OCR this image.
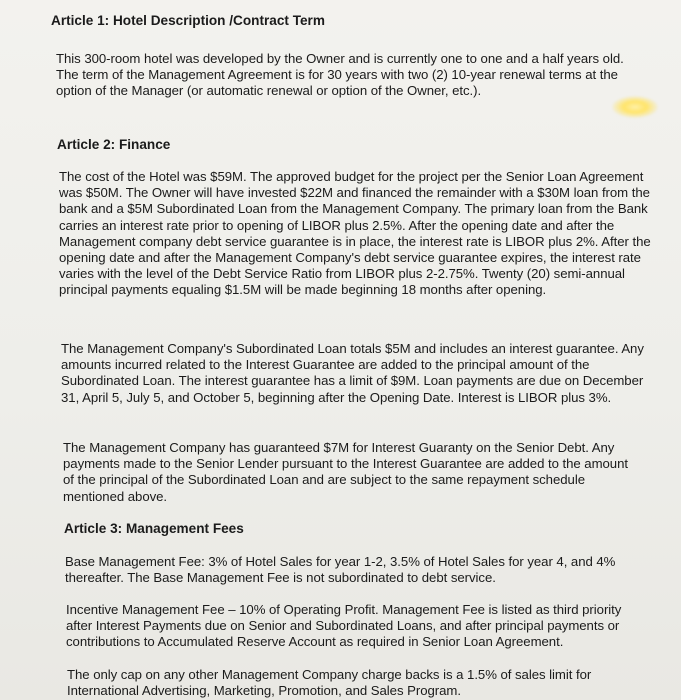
Article 1: Hotel Description /Contract Term

This 300-room hotel was developed by the Owner and is currently one to one and a half years old. The term of the Management Agreement is for 30 years with two (2) 10-year renewal terms at the option of the Manager (or automatic renewal or option of the Owner, etc.).

Article 2: Finance

The cost of the Hotel was $59M. The approved budget for the project per the Senior Loan Agreement was $50M. The Owner will have invested $22M and financed the remainder with a $30M loan from the bank and a $5M Subordinated Loan from the Management Company. The primary loan from the Bank carries an interest rate prior to opening of LIBOR plus 2.5%. After the opening date and after the Management company debt service guarantee is in place, the interest rate is LIBOR plus 2%. After the opening date and after the Management Company's debt service guarantee expires, the interest rate varies with the level of the Debt Service Ratio from LIBOR plus 2-2.75%. Twenty (20) semi-annual principal payments equaling $1.5M will be made beginning 18 months after opening.

The Management Company's Subordinated Loan totals $5M and includes an interest guarantee. Any amounts incurred related to the Interest Guarantee are added to the principal amount of the Subordinated Loan. The interest guarantee has a limit of $9M. Loan payments are due on December 31, April 5, July 5, and October 5, beginning after the Opening Date. Interest is LIBOR plus 3%.

The Management Company has guaranteed $7M for Interest Guaranty on the Senior Debt. Any payments made to the Senior Lender pursuant to the Interest Guarantee are added to the amount of the principal of the Subordinated Loan and are subject to the same repayment schedule mentioned above.

Article 3: Management Fees

Base Management Fee: 3% of Hotel Sales for year 1-2, 3.5% of Hotel Sales for year 4, and 4% thereafter. The Base Management Fee is not subordinated to debt service.

Incentive Management Fee – 10% of Operating Profit. Management Fee is listed as third priority after Interest Payments due on Senior and Subordinated Loans, and after principal payments or contributions to Accumulated Reserve Account as required in Senior Loan Agreement.

The only cap on any other Management Company charge backs is a 1.5% of sales limit for International Advertising, Marketing, Promotion, and Sales Program.
